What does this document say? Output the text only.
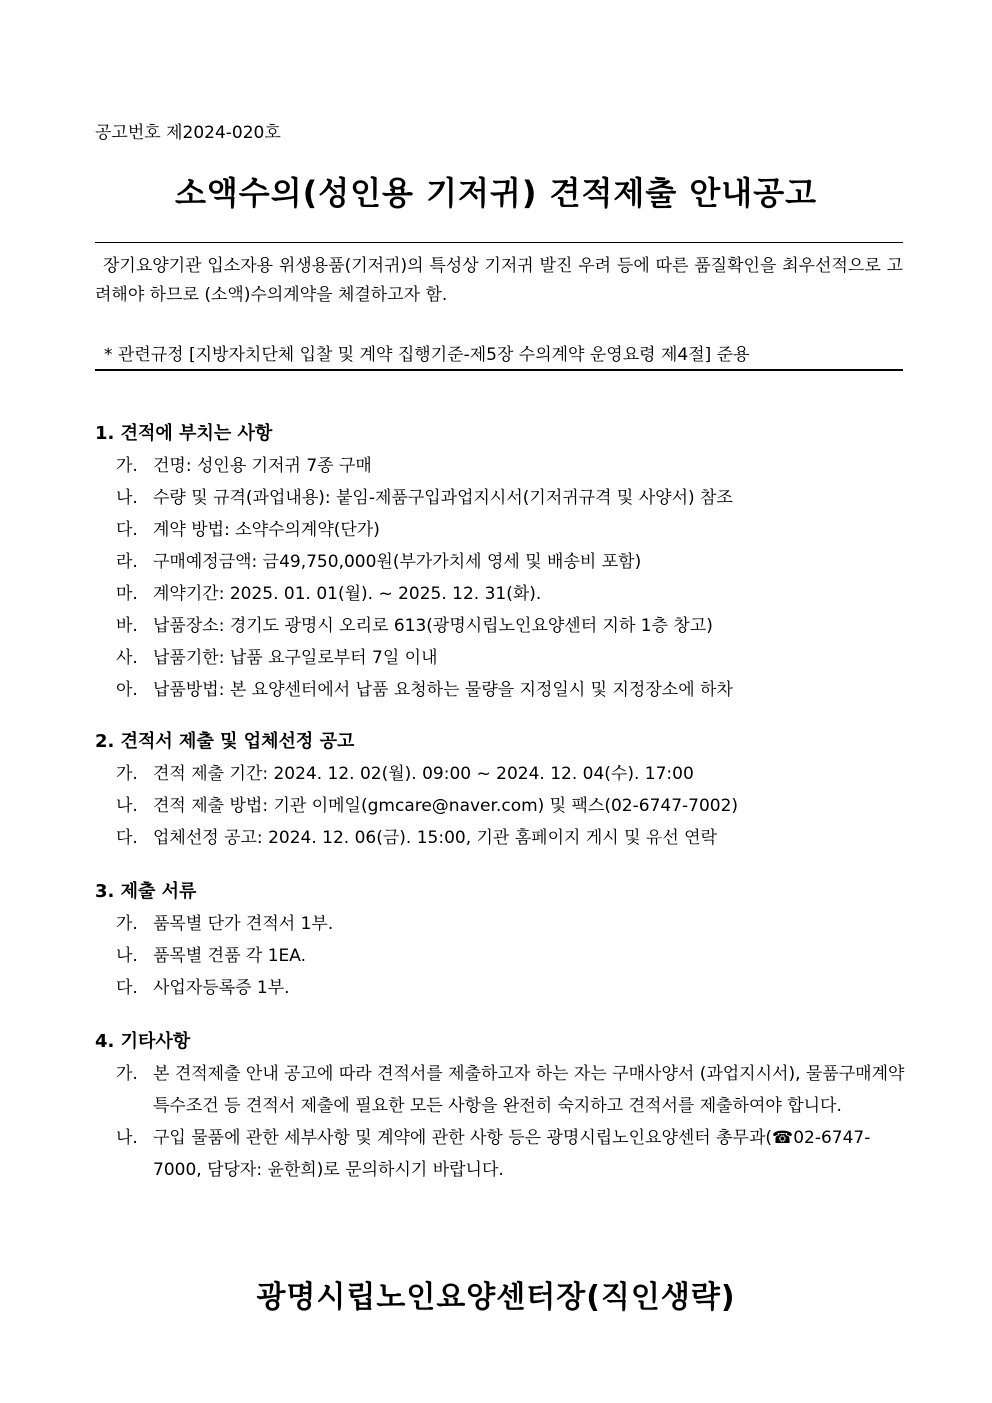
공고번호 제2024-020호
소액수의(성인용 기저귀) 견적제출 안내공고
장기요양기관 입소자용 위생용품(기저귀)의 특성상 기저귀 발진 우려 등에 따른 품질확인을 최우선적으로 고려해야 하므로 (소액)수의계약을 체결하고자 함.
* 관련규정 [지방자치단체 입찰 및 계약 집행기준-제5장 수의계약 운영요령 제4절] 준용
1. 견적에 부치는 사항
가. 건명: 성인용 기저귀 7종 구매
나. 수량 및 규격(과업내용): 붙임-제품구입과업지시서(기저귀규격 및 사양서) 참조
다. 계약 방법: 소약수의계약(단가)
라. 구매예정금액: 금49,750,000원(부가가치세 영세 및 배송비 포함)
마. 계약기간: 2025. 01. 01(월). ~ 2025. 12. 31(화).
바. 납품장소: 경기도 광명시 오리로 613(광명시립노인요양센터 지하 1층 창고)
사. 납품기한: 납품 요구일로부터 7일 이내
아. 납품방법: 본 요양센터에서 납품 요청하는 물량을 지정일시 및 지정장소에 하차
2. 견적서 제출 및 업체선정 공고
가. 견적 제출 기간: 2024. 12. 02(월). 09:00 ~ 2024. 12. 04(수). 17:00
나. 견적 제출 방법: 기관 이메일(gmcare@naver.com) 및 팩스(02-6747-7002)
다. 업체선정 공고: 2024. 12. 06(금). 15:00, 기관 홈페이지 게시 및 유선 연락
3. 제출 서류
가. 품목별 단가 견적서 1부.
나. 품목별 견품 각 1EA.
다. 사업자등록증 1부.
4. 기타사항
가. 본 견적제출 안내 공고에 따라 견적서를 제출하고자 하는 자는 구매사양서 (과업지시서), 물품구매계약특수조건 등 견적서 제출에 필요한 모든 사항을 완전히 숙지하고 견적서를 제출하여야 합니다.
나. 구입 물품에 관한 세부사항 및 계약에 관한 사항 등은 광명시립노인요양센터 총무과(☎02-6747-7000, 담당자: 윤한희)로 문의하시기 바랍니다.
광명시립노인요양센터장(직인생략)
